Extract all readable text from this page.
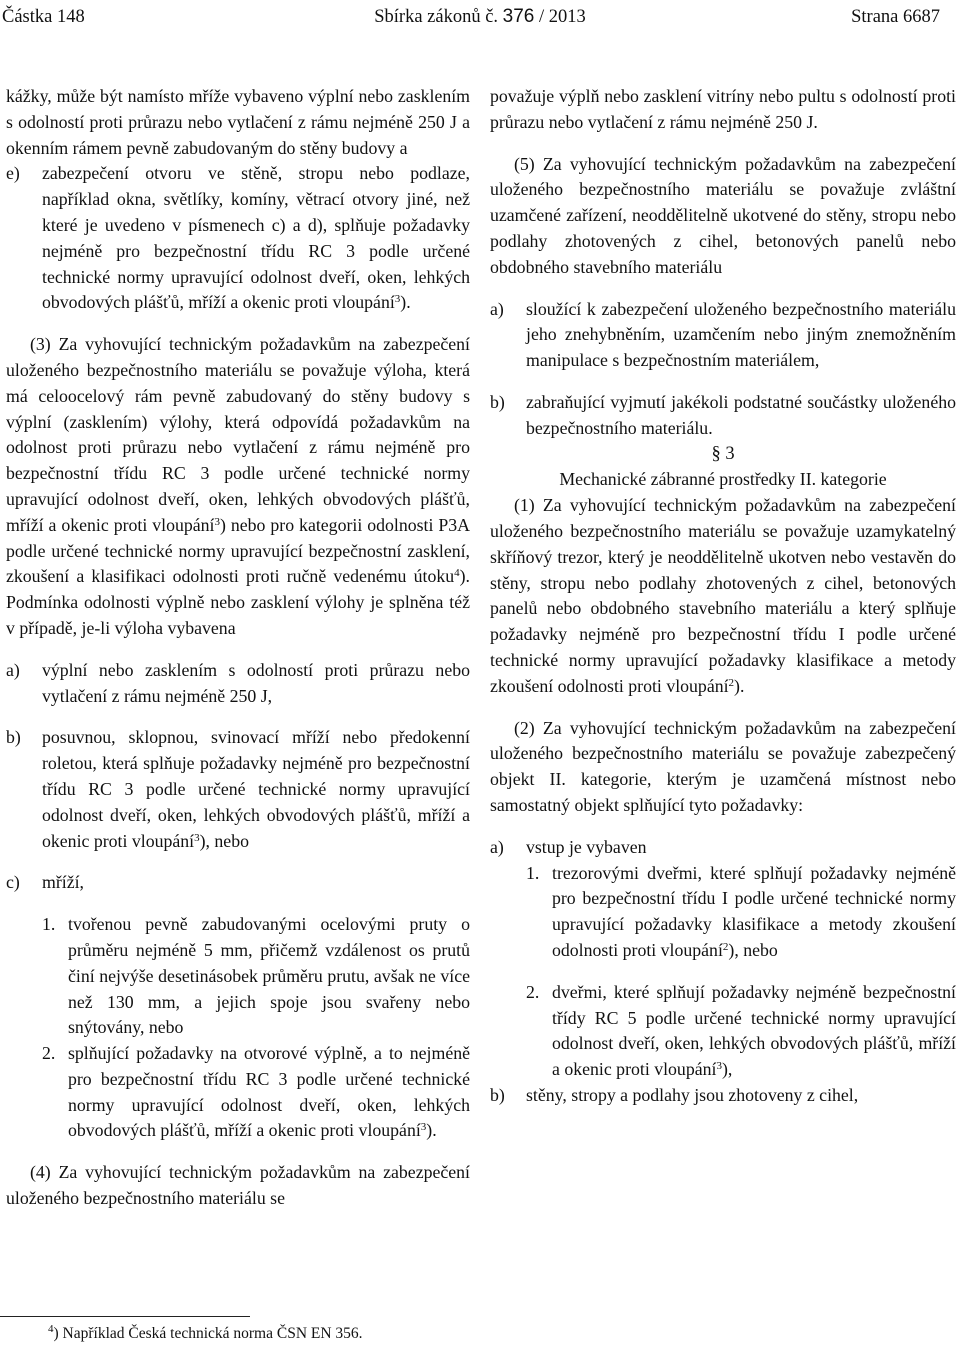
Částka 148	Sbírka zákonů č. 376 / 2013	Strana 6687

kážky, může být namísto mříže vybaveno výplní nebo zasklením s odolností proti průrazu nebo vytlačení z rámu nejméně 250 J a okenním rámem pevně zabudovaným do stěny budovy a

e)	zabezpečení otvoru ve stěně, stropu nebo podlaze, například okna, světlíky, komíny, větrací otvory jiné, než které je uvedeno v písmenech c) a d), splňuje požadavky nejméně pro bezpečnostní třídu RC 3 podle určené technické normy upravující odolnost dveří, oken, lehkých obvodových plášťů, mříží a okenic proti vloupání$^3$).

(3) Za vyhovující technickým požadavkům na zabezpečení uloženého bezpečnostního materiálu se považuje výloha, která má celoocelový rám pevně zabudovaný do stěny budovy s výplní (zasklením) výlohy, která odpovídá požadavkům na odolnost proti průrazu nebo vytlačení z rámu nejméně pro bezpečnostní třídu RC 3 podle určené technické normy upravující odolnost dveří, oken, lehkých obvodových plášťů, mříží a okenic proti vloupání$^3$) nebo pro kategorii odolnosti P3A podle určené technické normy upravující bezpečnostní zasklení, zkoušení a klasifikaci odolnosti proti ručně vedenému útoku$^4$). Podmínka odolnosti výplně nebo zasklení výlohy je splněna též v případě, je-li výloha vybavena

a)	výplní nebo zasklením s odolností proti průrazu nebo vytlačení z rámu nejméně 250 J,
b)	posuvnou, sklopnou, svinovací mříží nebo předokenní roletou, která splňuje požadavky nejméně pro bezpečnostní třídu RC 3 podle určené technické normy upravující odolnost dveří, oken, lehkých obvodových plášťů, mříží a okenic proti vloupání$^3$), nebo
c)	mříží,
1. tvořenou pevně zabudovanými ocelovými pruty o průměru nejméně 5 mm, přičemž vzdálenost os prutů činí nejvýše desetinásobek průměru prutu, avšak ne více než 130 mm, a jejich spoje jsou svařeny nebo snýtovány, nebo
2. splňující požadavky na otvorové výplně, a to nejméně pro bezpečnostní třídu RC 3 podle určené technické normy upravující odolnost dveří, oken, lehkých obvodových plášťů, mříží a okenic proti vloupání$^3$).

(4) Za vyhovující technickým požadavkům na zabezpečení uloženého bezpečnostního materiálu se

považuje výplň nebo zasklení vitríny nebo pultu s odolností proti průrazu nebo vytlačení z rámu nejméně 250 J.

(5) Za vyhovující technickým požadavkům na zabezpečení uloženého bezpečnostního materiálu se považuje zvláštní uzamčené zařízení, neoddělitelně ukotvené do stěny, stropu nebo podlahy zhotovených z cihel, betonových panelů nebo obdobného stavebního materiálu

a)	sloužící k zabezpečení uloženého bezpečnostního materiálu jeho znehybněním, uzamčením nebo jiným znemožněním manipulace s bezpečnostním materiálem,
b)	zabraňující vyjmutí jakékoli podstatné součástky uloženého bezpečnostního materiálu.

§ 3

Mechanické zábranné prostředky II. kategorie

(1) Za vyhovující technickým požadavkům na zabezpečení uloženého bezpečnostního materiálu se považuje uzamykatelný skříňový trezor, který je neoddělitelně ukotven nebo vestavěn do stěny, stropu nebo podlahy zhotovených z cihel, betonových panelů nebo obdobného stavebního materiálu a který splňuje požadavky nejméně pro bezpečnostní třídu I podle určené technické normy upravující požadavky klasifikace a metody zkoušení odolnosti proti vloupání$^2$).

(2) Za vyhovující technickým požadavkům na zabezpečení uloženého bezpečnostního materiálu se považuje zabezpečený objekt II. kategorie, kterým je uzamčená místnost nebo samostatný objekt splňující tyto požadavky:

a)	vstup je vybaven
1. trezorovými dveřmi, které splňují požadavky nejméně pro bezpečnostní třídu I podle určené technické normy upravující požadavky klasifikace a metody zkoušení odolnosti proti vloupání$^2$), nebo
2. dveřmi, které splňují požadavky nejméně bezpečnostní třídy RC 5 podle určené technické normy upravující odolnost dveří, oken, lehkých obvodových plášťů, mříží a okenic proti vloupání$^3$),
b)	stěny, stropy a podlahy jsou zhotoveny z cihel,
$^4$) Například Česká technická norma ČSN EN 356.
